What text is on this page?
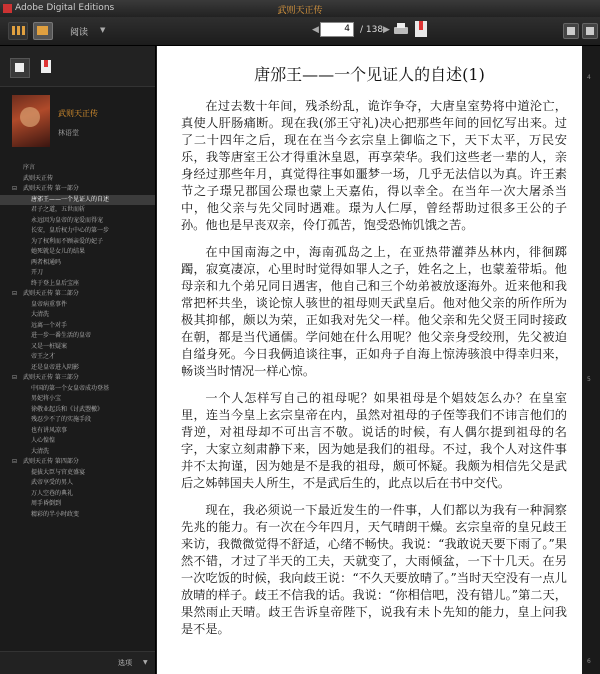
Adobe Digital Editions	武则天正传
阅读 ▼	◀	4	/ 138 ▶
武则天正传
林语堂
序言
武则天正传
⊟ 武则天正传 第一部分
唐邠王——一个见证人的自述
君子之道，五世而斩
永远因为皇帝的宠爱而得宠
长安，皇后权力中心的第一步
为了权利而不顾亲爱的妃子
她死就是女儿的结果
两者相通吗
开刀
终于登上皇后宝座
⊟ 武则天正传 第二部分
皇帝病重事件
大清洗
远离一个对手
进一步一番生活的皇帝
又是一桩疑案
帝王之才
还是皇帝进入阴影
⊟ 武则天正传 第三部分
中国的第一个女皇帝成功登基
男妃将小宝
徐敬业起兵和《讨武曌檄》
残忍少不了的实施手段
也有讲风凉事
人心惶惶
大清洗
⊟ 武则天正传 第四部分
提拔大臣与官吏盛宴
武帝享受的男人
万人空巷的典礼
周手昏倒到
精彩的半小时政变
选项 ▼
唐邠王——一个见证人的自述(1)

在过去数十年间，残杀纷乱，诡诈争夺，大唐皇室势将中道沦亡，真使人肝肠痛断。现在我(邠王守礼)决心把那些年间的回忆写出来。过了二十四年之后，现在在当今玄宗皇上御临之下，天下太平，万民安乐，我等唐室王公才得重沐皇恩，再享荣华。我们这些老一辈的人，亲身经过那些年月，真觉得往事如噩梦一场，几乎无法信以为真。许王素节之子璟兄郡国公璟也蒙上天嘉佑，得以幸全。在当年一次大屠杀当中，他父亲与先父同时遇难。璟为人仁厚，曾经帮助过很多王公的子孙。他也是早丧双亲，伶仃孤苦，饱受恐怖饥饿之苦。

在中国南海之中，海南孤岛之上，在亚热带灌莽丛林内，徘徊踯躅，寂寞凄凉，心里时时觉得如罪人之子，姓名之上，也蒙羞带垢。他母亲和九个弟兄同日遇害，他自己和三个幼弟被放逐海外。近来他和我常把杯共坐，谈论惊人骇世的祖母则天武皇后。他对他父亲的所作所为极其抑郁，颇以为荣，正如我对先父一样。他父亲和先父贤王同时接政在朝，都是当代通儒。学问她在什么用呢？他父亲身受绞刑，先父被迫自缢身死。今日我俩追谈往事，正如舟子自海上惊涛骇浪中得幸归来，畅谈当时情况一样心惊。

一个人怎样写自己的祖母呢？如果祖母是个娼妓怎么办？在皇室里，连当今皇上玄宗皇帝在内，虽然对祖母的子侄等我们不讳言他们的背逆，对祖母却不可出言不敬。说话的时候，有人偶尔提到祖母的名字，大家立刻肃静下来，因为她是我们的祖母。不过，我个人对这件事并不太拘谨，因为她是不是我的祖母，颇可怀疑。我颇为相信先父是武后之姊韩国夫人所生，不是武后生的，此点以后在书中交代。

现在，我必须说一下最近发生的一件事，人们都以为我有一种洞察先兆的能力。有一次在今年四月，天气晴朗干燥。玄宗皇帝的皇兄歧王来访，我微微觉得不舒适，心绪不畅快。我说：“我敢说天要下雨了。”果然不错，才过了半天的工夫，天就变了，大雨倾盆，一下十几天。在另一次吃饭的时候，我向歧王说：“不久天要放晴了。”当时天空没有一点儿放晴的样子。歧王不信我的话。我说：“你相信吧，没有错儿。”第二天，果然雨止天晴。歧王告诉皇帝陛下，说我有未卜先知的能力，皇上问我是不是。

4
5
6
